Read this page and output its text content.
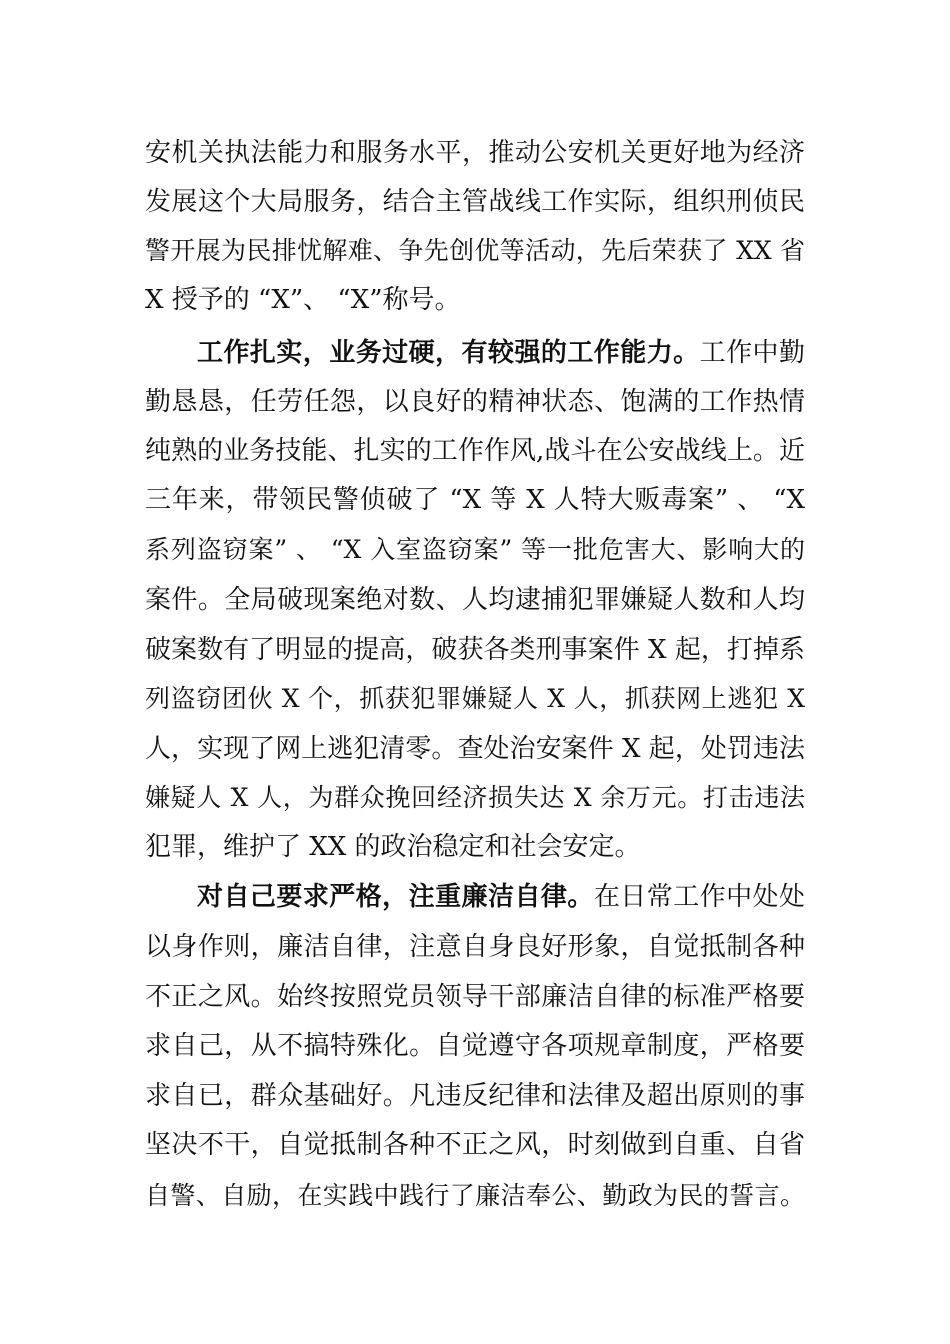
安机关执法能力和服务水平，推动公安机关更好地为经济
发展这个大局服务，结合主管战线工作实际，组织刑侦民
警开展为民排忧解难、争先创优等活动，先后荣获了 XX 省
X 授予的 “X”、 “X”称号。
工作扎实，业务过硬，有较强的工作能力。工作中勤
勤恳恳，任劳任怨，以良好的精神状态、饱满的工作热情
纯熟的业务技能、扎实的工作作风,战斗在公安战线上。近
三年来，带领民警侦破了 “X 等 X 人特大贩毒案” 、 “X
系列盗窃案” 、 “X 入室盗窃案” 等一批危害大、影响大的
案件。全局破现案绝对数、人均逮捕犯罪嫌疑人数和人均
破案数有了明显的提高，破获各类刑事案件 X 起，打掉系
列盗窃团伙 X 个，抓获犯罪嫌疑人 X 人，抓获网上逃犯 X
人，实现了网上逃犯清零。查处治安案件 X 起，处罚违法
嫌疑人 X 人，为群众挽回经济损失达 X 余万元。打击违法
犯罪，维护了 XX 的政治稳定和社会安定。
对自己要求严格，注重廉洁自律。在日常工作中处处
以身作则，廉洁自律，注意自身良好形象，自觉抵制各种
不正之风。始终按照党员领导干部廉洁自律的标准严格要
求自己，从不搞特殊化。自觉遵守各项规章制度，严格要
求自已，群众基础好。凡违反纪律和法律及超出原则的事
坚决不干，自觉抵制各种不正之风，时刻做到自重、自省
自警、自励，在实践中践行了廉洁奉公、勤政为民的誓言。
